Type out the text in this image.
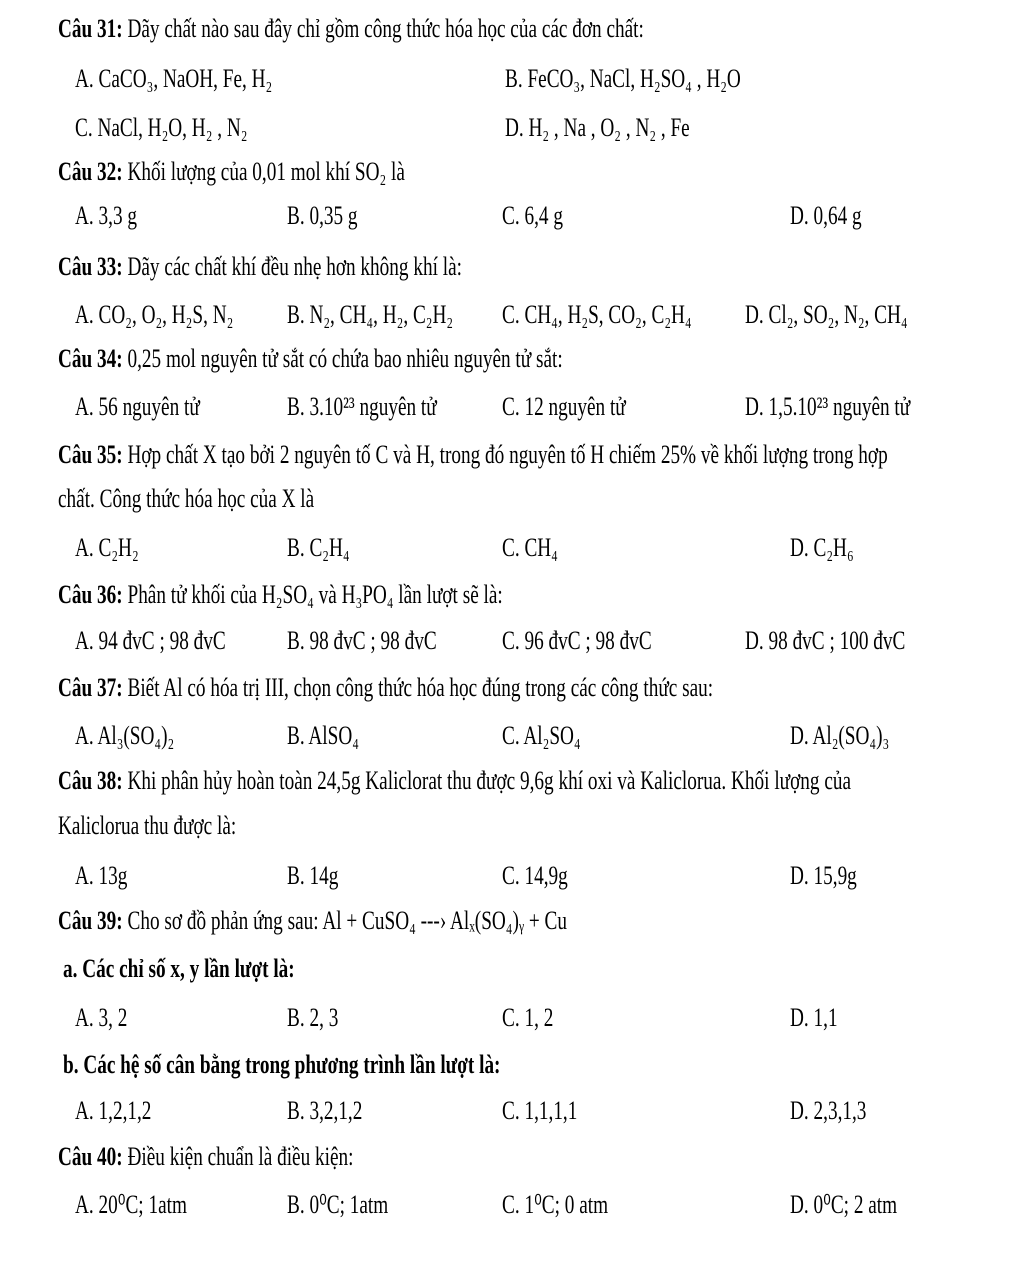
Câu 31: Dãy chất nào sau đây chỉ gồm công thức hóa học của các đơn chất:
A. CaCO₃, NaOH, Fe, H₂	B. FeCO₃, NaCl, H₂SO₄ , H₂O
C. NaCl, H₂O, H₂ , N₂	D. H₂ , Na , O₂ , N₂ , Fe
Câu 32: Khối lượng của 0,01 mol khí SO₂ là
A. 3,3 g	B. 0,35 g	C. 6,4 g	D. 0,64 g
Câu 33: Dãy các chất khí đều nhẹ hơn không khí là:
A. CO₂, O₂, H₂S, N₂ B. N₂, CH₄, H₂, C₂H₂ C. CH₄, H₂S, CO₂, C₂H₄ D. Cl₂, SO₂, N₂, CH₄
Câu 34: 0,25 mol nguyên tử sắt có chứa bao nhiêu nguyên tử sắt:
A. 56 nguyên tử	B. 3.10²³ nguyên tử	C. 12 nguyên tử	D. 1,5.10²³ nguyên tử
Câu 35: Hợp chất X tạo bởi 2 nguyên tố C và H, trong đó nguyên tố H chiếm 25% về khối lượng trong hợp
chất. Công thức hóa học của X là
A. C₂H₂	B. C₂H₄	C. CH₄	D. C₂H₆
Câu 36: Phân tử khối của H₂SO₄ và H₃PO₄ lần lượt sẽ là:
A. 94 đvC ; 98 đvC B. 98 đvC ; 98 đvC	C. 96 đvC ; 98 đvC	D. 98 đvC ; 100 đvC
Câu 37: Biết Al có hóa trị III, chọn công thức hóa học đúng trong các công thức sau:
A. Al₃(SO₄)₂	B. AlSO₄	C. Al₂SO₄	D. Al₂(SO₄)₃
Câu 38: Khi phân hủy hoàn toàn 24,5g Kaliclorat thu được 9,6g khí oxi và Kaliclorua. Khối lượng của
Kaliclorua thu được là:
A. 13g	B. 14g	C. 14,9g	D. 15,9g
Câu 39: Cho sơ đồ phản ứng sau: Al + CuSO₄ ---› Alₓ(SO₄)ᵧ + Cu
a. Các chỉ số x, y lần lượt là:
A. 3, 2	B. 2, 3	C. 1, 2	D. 1,1
b. Các hệ số cân bằng trong phương trình lần lượt là:
A. 1,2,1,2	B. 3,2,1,2	C. 1,1,1,1	D. 2,3,1,3
Câu 40: Điều kiện chuẩn là điều kiện:
A. 20⁰C; 1atm	B. 0⁰C; 1atm	C. 1⁰C; 0 atm	D. 0⁰C; 2 atm
